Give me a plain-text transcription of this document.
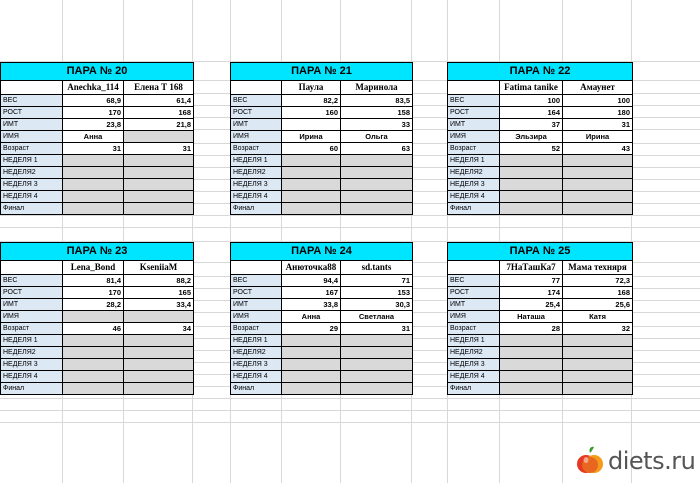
ПАРА № 20		
	Anechka_114	Елена Т 168
ВЕС	68,9	61,4
РОСТ	170	168
ИМТ	23,8	21,8
ИМЯ	Анна	
Возраст	31	31
НЕДЕЛЯ 1		
НЕДЕЛЯ2		
НЕДЕЛЯ 3		
НЕДЕЛЯ 4		
Финал		
ПАРА № 21		
	Паула	Маринола
ВЕС	82,2	83,5
РОСТ	160	158
ИМТ		33
ИМЯ	Ирина	Ольга
Возраст	60	63
НЕДЕЛЯ 1		
НЕДЕЛЯ2		
НЕДЕЛЯ 3		
НЕДЕЛЯ 4		
Финал		
ПАРА № 22		
	Fatima tanike	Амаунет
ВЕС	100	100
РОСТ	164	180
ИМТ	37	31
ИМЯ	Эльзира	Ирина
Возраст	52	43
НЕДЕЛЯ 1		
НЕДЕЛЯ2		
НЕДЕЛЯ 3		
НЕДЕЛЯ 4		
Финал		
ПАРА № 23		
	Lena_Bond	KseniiaM
ВЕС	81,4	88,2
РОСТ	170	165
ИМТ	28,2	33,4
ИМЯ		
Возраст	46	34
НЕДЕЛЯ 1		
НЕДЕЛЯ2		
НЕДЕЛЯ 3		
НЕДЕЛЯ 4		
Финал		
ПАРА № 24		
	Анюточка88	sd.tants
ВЕС	94,4	71
РОСТ	167	153
ИМТ	33,8	30,3
ИМЯ	Анна	Светлана
Возраст	29	31
НЕДЕЛЯ 1		
НЕДЕЛЯ2		
НЕДЕЛЯ 3		
НЕДЕЛЯ 4		
Финал		
ПАРА № 25		
	7НаТашКа7	Мама техняря
ВЕС	77	72,3
РОСТ	174	168
ИМТ	25,4	25,6
ИМЯ	Наташа	Катя
Возраст	28	32
НЕДЕЛЯ 1		
НЕДЕЛЯ2		
НЕДЕЛЯ 3		
НЕДЕЛЯ 4		
Финал		
diets.ru
